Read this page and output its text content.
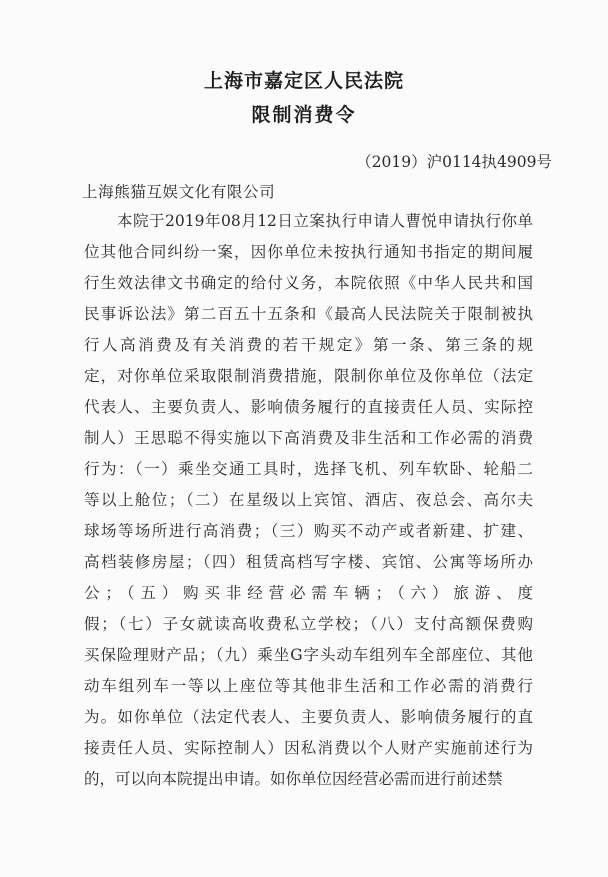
上海市嘉定区人民法院
限制消费令
（2019）沪0114执4909号
上海熊猫互娱文化有限公司
本院于2019年08月12日立案执行申请人曹悦申请执行你单
位其他合同纠纷一案，因你单位未按执行通知书指定的期间履
行生效法律文书确定的给付义务，本院依照《中华人民共和国
民事诉讼法》第二百五十五条和《最高人民法院关于限制被执
行人高消费及有关消费的若干规定》第一条、第三条的规
定，对你单位采取限制消费措施，限制你单位及你单位（法定
代表人、主要负责人、影响债务履行的直接责任人员、实际控
制人）王思聪不得实施以下高消费及非生活和工作必需的消费
行为：（一）乘坐交通工具时，选择飞机、列车软卧、轮船二
等以上舱位；（二）在星级以上宾馆、酒店、夜总会、高尔夫
球场等场所进行高消费；（三）购买不动产或者新建、扩建、
高档装修房屋；（四）租赁高档写字楼、宾馆、公寓等场所办
公；（五）购买非经营必需车辆；（六）旅游、度
假；（七）子女就读高收费私立学校；（八）支付高额保费购
买保险理财产品；（九）乘坐G字头动车组列车全部座位、其他
动车组列车一等以上座位等其他非生活和工作必需的消费行
为。如你单位（法定代表人、主要负责人、影响债务履行的直
接责任人员、实际控制人）因私消费以个人财产实施前述行为
的，可以向本院提出申请。如你单位因经营必需而进行前述禁
